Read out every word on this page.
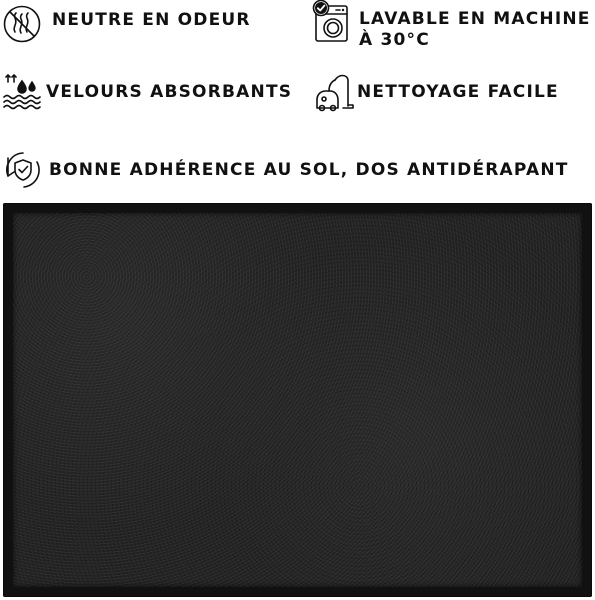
NEUTRE EN ODEUR	LAVABLE EN MACHINE
À 30°C
VELOURS ABSORBANTS	NETTOYAGE FACILE
BONNE ADHÉRENCE AU SOL, DOS ANTIDÉRAPANT
